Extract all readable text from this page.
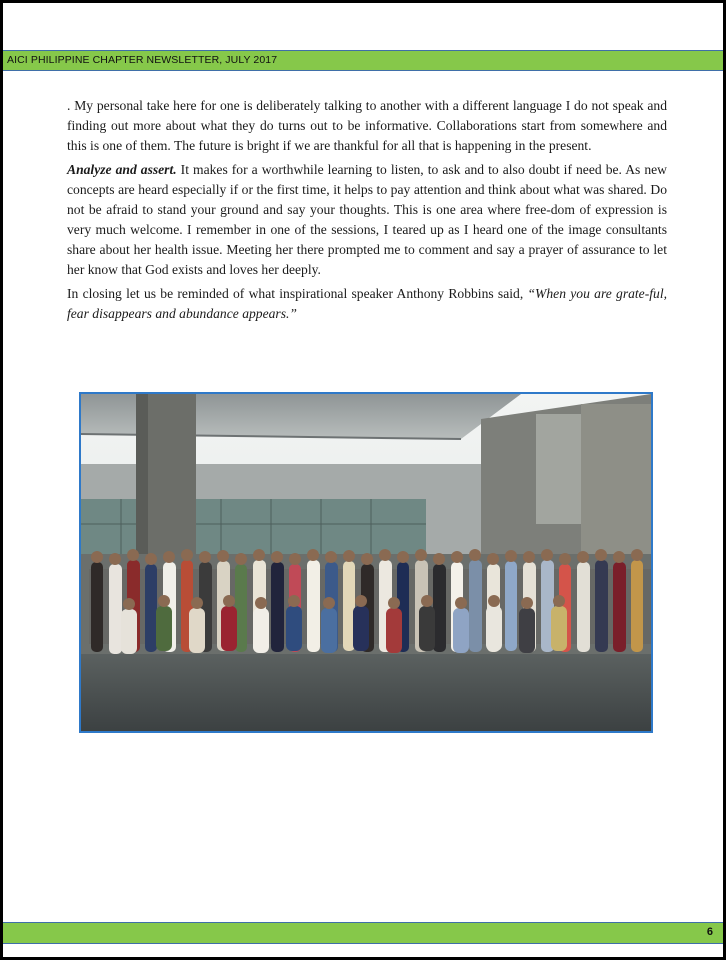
AICI PHILIPPINE CHAPTER NEWSLETTER, JULY 2017

. My personal take here for one is deliberately talking to another with a different language I do not speak and finding out more about what they do turns out to be informative. Collaborations start from somewhere and this is one of them. The future is bright if we are thankful for all that is happening in the present.

Analyze and assert. It makes for a worthwhile learning to listen, to ask and to also doubt if need be. As new concepts are heard especially if or the first time, it helps to pay attention and think about what was shared. Do not be afraid to stand your ground and say your thoughts. This is one area where free-dom of expression is very much welcome. I remember in one of the sessions, I teared up as I heard one of the image consultants share about her health issue. Meeting her there prompted me to comment and say a prayer of assurance to let her know that God exists and loves her deeply.

In closing let us be reminded of what inspirational speaker Anthony Robbins said, “When you are grate-ful, fear disappears and abundance appears.”

6
